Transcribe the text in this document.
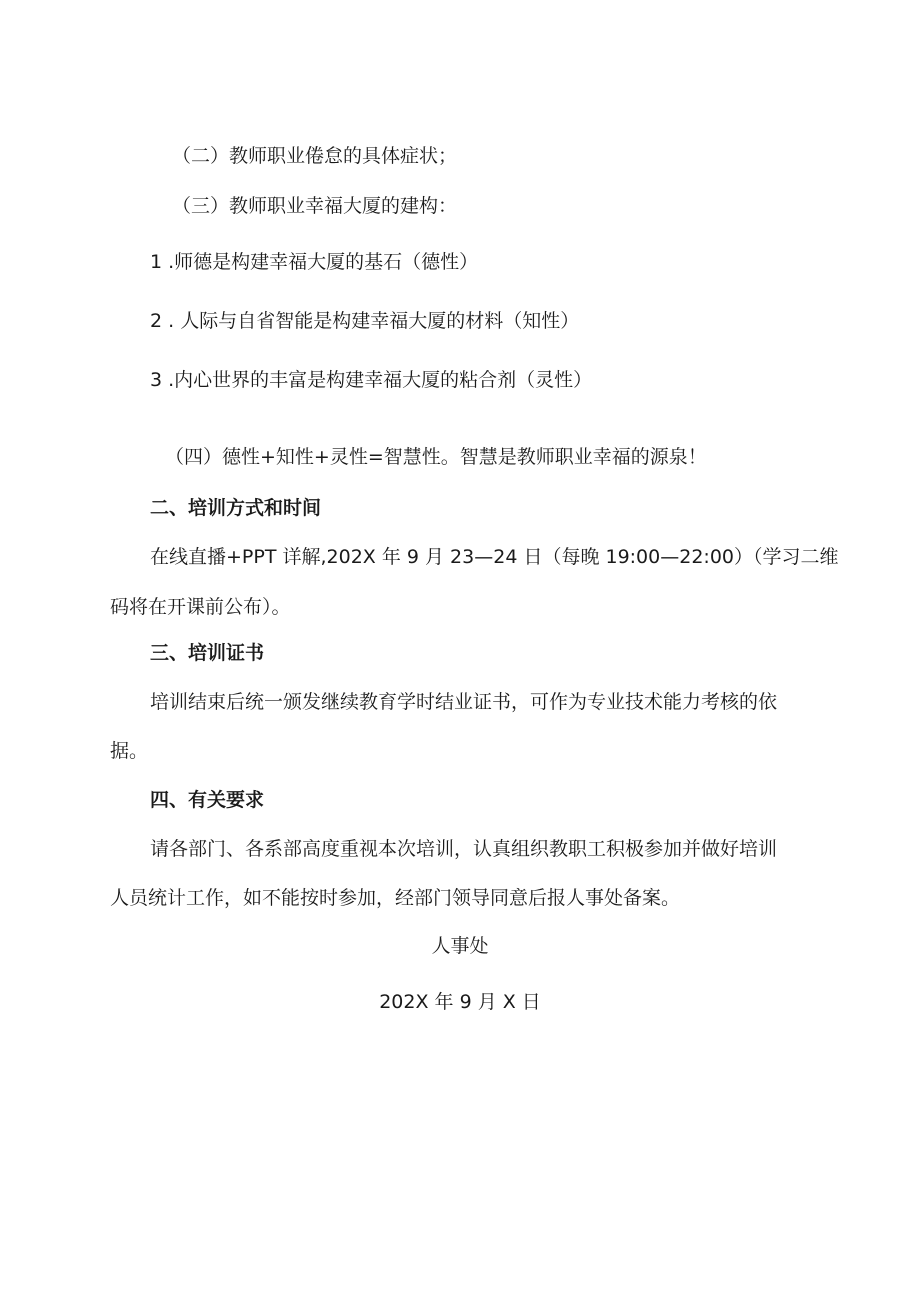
（二）教师职业倦怠的具体症状；
（三）教师职业幸福大厦的建构：
1 .师德是构建幸福大厦的基石（德性）
2 . 人际与自省智能是构建幸福大厦的材料（知性）
3 .内心世界的丰富是构建幸福大厦的粘合剂（灵性）
（四）德性+知性+灵性=智慧性。智慧是教师职业幸福的源泉！
二、培训方式和时间
在线直播+PPT 详解,202X 年 9 月 23—24 日（每晚 19:00—22:00）（学习二维
码将在开课前公布）。
三、培训证书
培训结束后统一颁发继续教育学时结业证书，可作为专业技术能力考核的依
据。
四、有关要求
请各部门、各系部高度重视本次培训，认真组织教职工积极参加并做好培训
人员统计工作，如不能按时参加，经部门领导同意后报人事处备案。
人事处
202X 年 9 月 X 日
